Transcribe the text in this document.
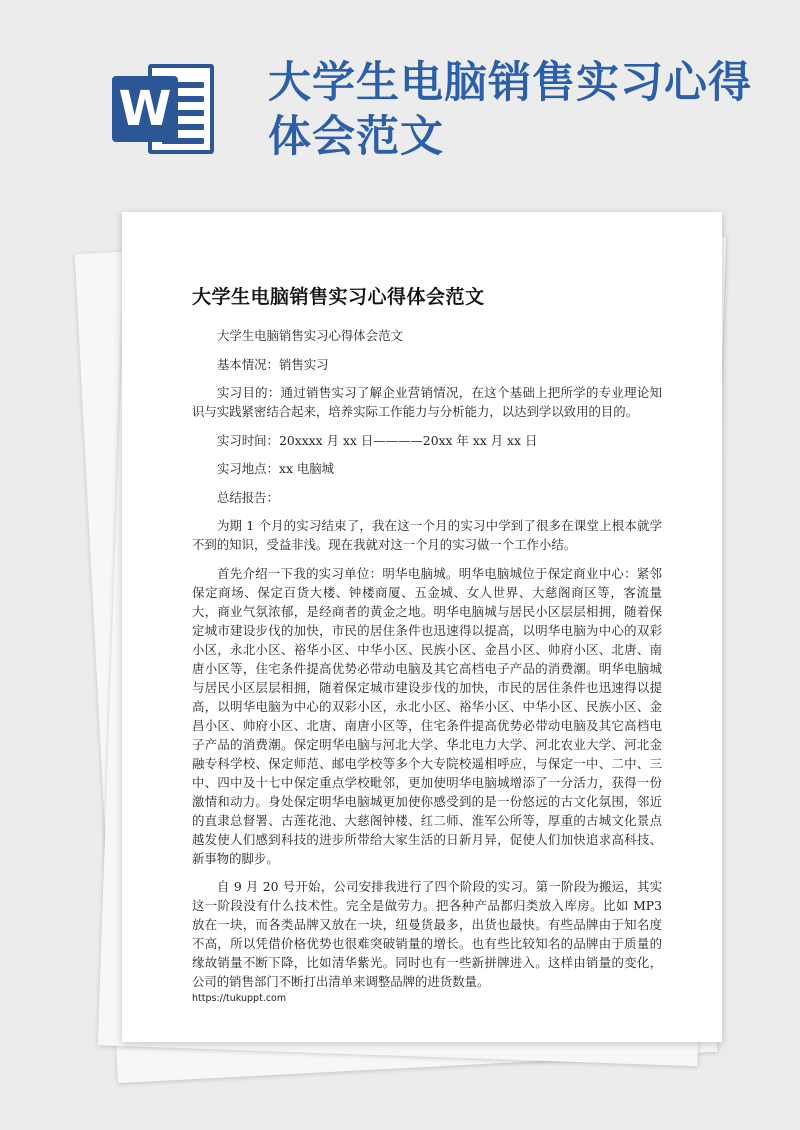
W 大学生电脑销售实习心得体会范文
大学生电脑销售实习心得体会范文

大学生电脑销售实习心得体会范文

基本情况：销售实习

实习目的：通过销售实习了解企业营销情况，在这个基础上把所学的专业理论知识与实践紧密结合起来，培养实际工作能力与分析能力，以达到学以致用的目的。

实习时间：20xxxx 月 xx 日————20xx 年 xx 月 xx 日

实习地点：xx 电脑城

总结报告：

为期 1 个月的实习结束了，我在这一个月的实习中学到了很多在课堂上根本就学不到的知识，受益非浅。现在我就对这一个月的实习做一个工作小结。

首先介绍一下我的实习单位：明华电脑城。明华电脑城位于保定商业中心：紧邻保定商场、保定百货大楼、钟楼商厦、五金城、女人世界、大慈阁商区等，客流量大，商业气氛浓郁，是经商者的黄金之地。明华电脑城与居民小区层层相拥，随着保定城市建设步伐的加快，市民的居住条件也迅速得以提高，以明华电脑为中心的双彩小区，永北小区、裕华小区、中华小区、民族小区、金昌小区、帅府小区、北唐、南唐小区等，住宅条件提高优势必带动电脑及其它高档电子产品的消费潮。明华电脑城与居民小区层层相拥，随着保定城市建设步伐的加快，市民的居住条件也迅速得以提高，以明华电脑为中心的双彩小区，永北小区、裕华小区、中华小区、民族小区、金昌小区、帅府小区、北唐、南唐小区等，住宅条件提高优势必带动电脑及其它高档电子产品的消费潮。保定明华电脑与河北大学、华北电力大学、河北农业大学、河北金融专科学校、保定师范、邮电学校等多个大专院校遥相呼应，与保定一中、二中、三中、四中及十七中保定重点学校毗邻，更加使明华电脑城增添了一分活力，获得一份激情和动力。身处保定明华电脑城更加使你感受到的是一份悠远的古文化氛围，邻近的直隶总督署、古莲花池、大慈阁钟楼、红二师、淮军公所等，厚重的古城文化景点越发使人们感到科技的进步所带给大家生活的日新月异，促使人们加快追求高科技、新事物的脚步。

自 9 月 20 号开始，公司安排我进行了四个阶段的实习。第一阶段为搬运，其实这一阶段没有什么技术性。完全是做劳力。把各种产品都归类放入库房。比如 MP3 放在一块，而各类品牌又放在一块，纽曼货最多，出货也最快。有些品牌由于知名度不高，所以凭借价格优势也很难突破销量的增长。也有些比较知名的品牌由于质量的缘故销量不断下降，比如清华紫光。同时也有一些新拼牌进入。这样由销量的变化，公司的销售部门不断打出清单来调整品牌的进货数量。

https://tukuppt.com
